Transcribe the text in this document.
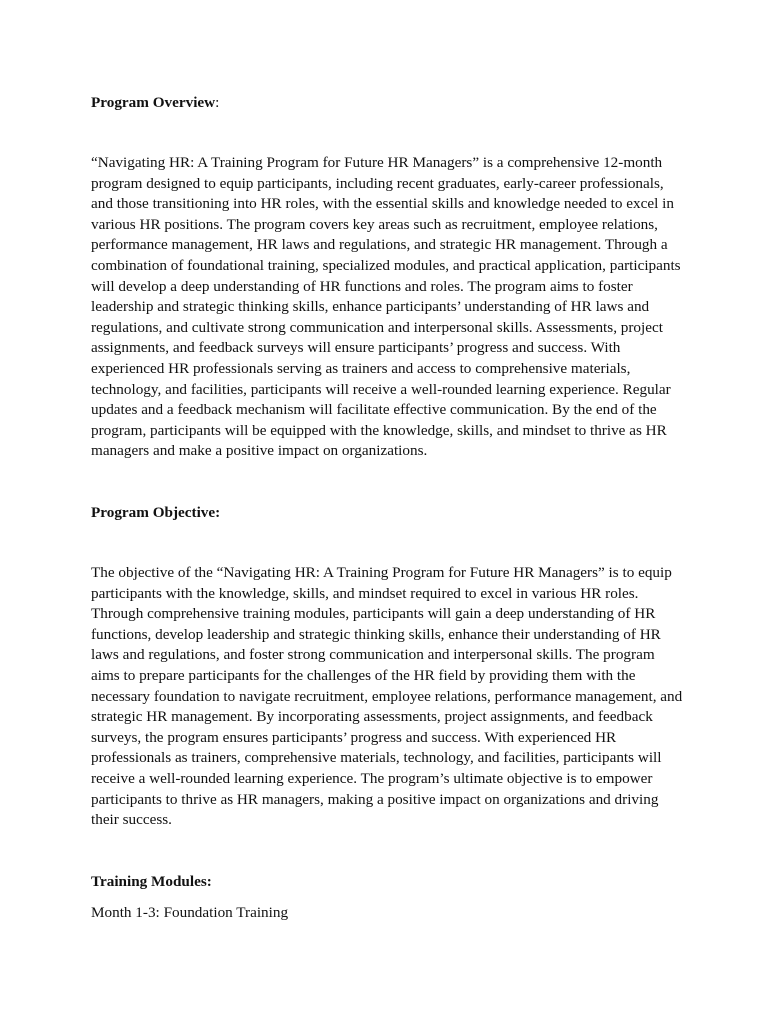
Program Overview:
“Navigating HR: A Training Program for Future HR Managers” is a comprehensive 12-month
program designed to equip participants, including recent graduates, early-career professionals,
and those transitioning into HR roles, with the essential skills and knowledge needed to excel in
various HR positions. The program covers key areas such as recruitment, employee relations,
performance management, HR laws and regulations, and strategic HR management. Through a
combination of foundational training, specialized modules, and practical application, participants
will develop a deep understanding of HR functions and roles. The program aims to foster
leadership and strategic thinking skills, enhance participants’ understanding of HR laws and
regulations, and cultivate strong communication and interpersonal skills. Assessments, project
assignments, and feedback surveys will ensure participants’ progress and success. With
experienced HR professionals serving as trainers and access to comprehensive materials,
technology, and facilities, participants will receive a well-rounded learning experience. Regular
updates and a feedback mechanism will facilitate effective communication. By the end of the
program, participants will be equipped with the knowledge, skills, and mindset to thrive as HR
managers and make a positive impact on organizations.
Program Objective:
The objective of the “Navigating HR: A Training Program for Future HR Managers” is to equip
participants with the knowledge, skills, and mindset required to excel in various HR roles.
Through comprehensive training modules, participants will gain a deep understanding of HR
functions, develop leadership and strategic thinking skills, enhance their understanding of HR
laws and regulations, and foster strong communication and interpersonal skills. The program
aims to prepare participants for the challenges of the HR field by providing them with the
necessary foundation to navigate recruitment, employee relations, performance management, and
strategic HR management. By incorporating assessments, project assignments, and feedback
surveys, the program ensures participants’ progress and success. With experienced HR
professionals as trainers, comprehensive materials, technology, and facilities, participants will
receive a well-rounded learning experience. The program’s ultimate objective is to empower
participants to thrive as HR managers, making a positive impact on organizations and driving
their success.
Training Modules:

Month 1-3: Foundation Training
